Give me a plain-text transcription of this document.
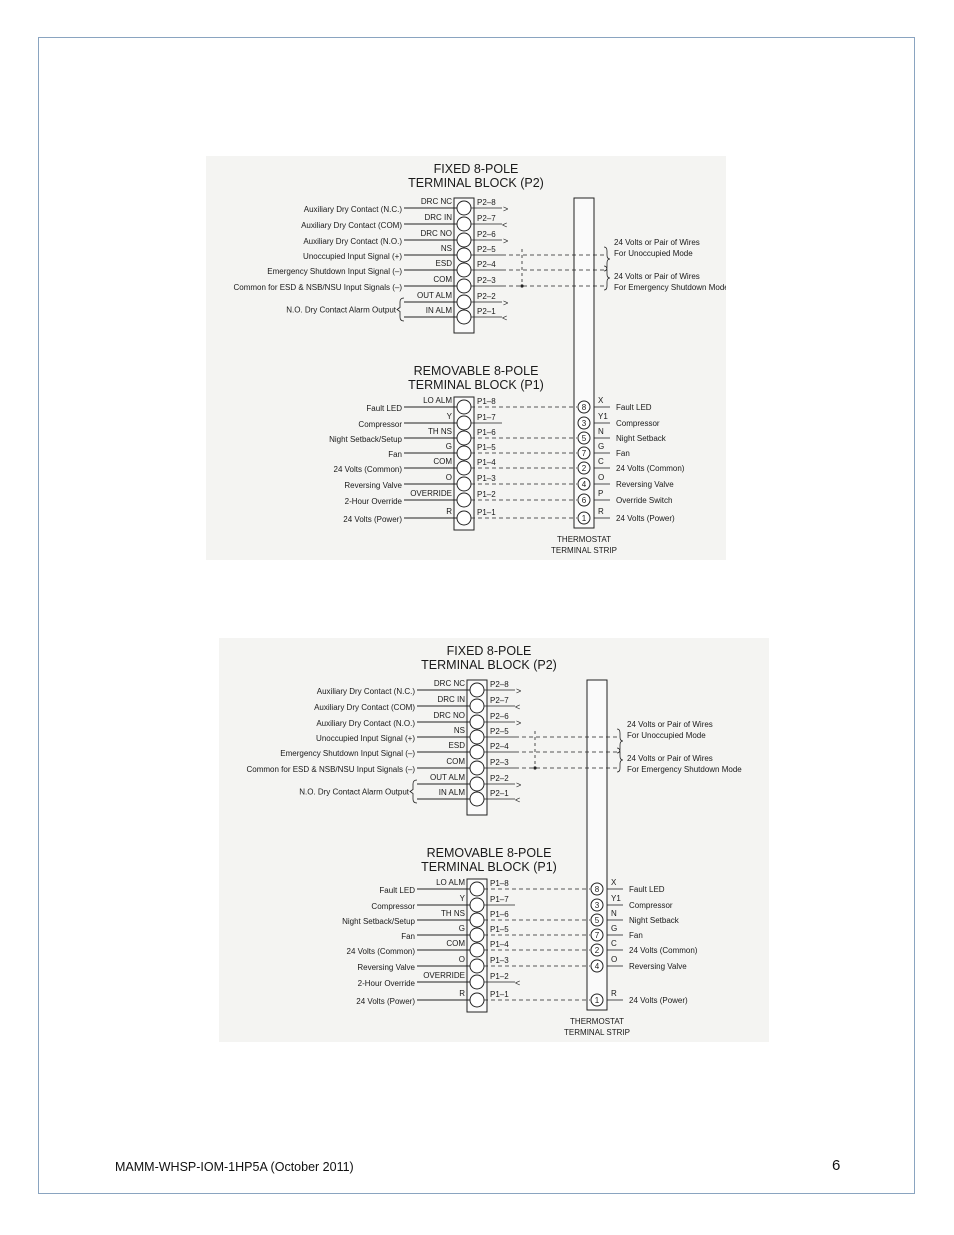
FIXED 8-POLE
TERMINAL BLOCK (P2)
REMOVABLE 8-POLE
TERMINAL BLOCK (P1)
DRC NC
Auxiliary Dry Contact (N.C.)
P2–8
>
DRC IN
Auxiliary Dry Contact (COM)
P2–7
<
DRC NO
Auxiliary Dry Contact (N.O.)
P2–6
>
NS
Unoccupied Input Signal (+)
P2–5
ESD
Emergency Shutdown Input Signal (–)
P2–4
COM
Common for ESD & NSB/NSU Input Signals (–)
P2–3
OUT ALM	P2–2
>
IN ALM	P2–1
<
24 Volts or Pair of Wires
For Unoccupied Mode
24 Volts or Pair of Wires
For Emergency Shutdown Mode
N.O. Dry Contact Alarm Output
LO ALM
Fault LED
P1–8
8
X
Fault LED
Y
Compressor
P1–7
3
Y1
Compressor
TH NS
Night Setback/Setup
P1–6
5
N
Night Setback
G
Fan
P1–5
7
G
Fan
COM
24 Volts (Common)
P1–4
2
C
24 Volts (Common)
O
Reversing Valve
P1–3
4
O
Reversing Valve
OVERRIDE
2-Hour Override
P1–2
6
P
Override Switch
R
24 Volts (Power)
P1–1
1
R
24 Volts (Power)
THERMOSTAT
TERMINAL STRIP
FIXED 8-POLE
TERMINAL BLOCK (P2)
REMOVABLE 8-POLE
TERMINAL BLOCK (P1)
DRC NC
Auxiliary Dry Contact (N.C.)
P2–8
>
DRC IN
Auxiliary Dry Contact (COM)
P2–7
<
DRC NO
Auxiliary Dry Contact (N.O.)
P2–6
>
NS
Unoccupied Input Signal (+)
P2–5
ESD
Emergency Shutdown Input Signal (–)
P2–4
COM
Common for ESD & NSB/NSU Input Signals (–)
P2–3
OUT ALM	P2–2
>
IN ALM	P2–1
<
24 Volts or Pair of Wires
For Unoccupied Mode
24 Volts or Pair of Wires
For Emergency Shutdown Mode
N.O. Dry Contact Alarm Output
LO ALM
Fault LED
P1–8
8
X
Fault LED
Y
Compressor
P1–7
3
Y1
Compressor
TH NS
Night Setback/Setup
P1–6
5
N
Night Setback
G
Fan
P1–5
7
G
Fan
COM
24 Volts (Common)
P1–4
2
C
24 Volts (Common)
O
Reversing Valve
P1–3
4
O
Reversing Valve
OVERRIDE
2-Hour Override
P1–2
<
R
24 Volts (Power)
P1–1
1
R
24 Volts (Power)
THERMOSTAT
TERMINAL STRIP
MAMM-WHSP-IOM-1HP5A (October 2011)	6
